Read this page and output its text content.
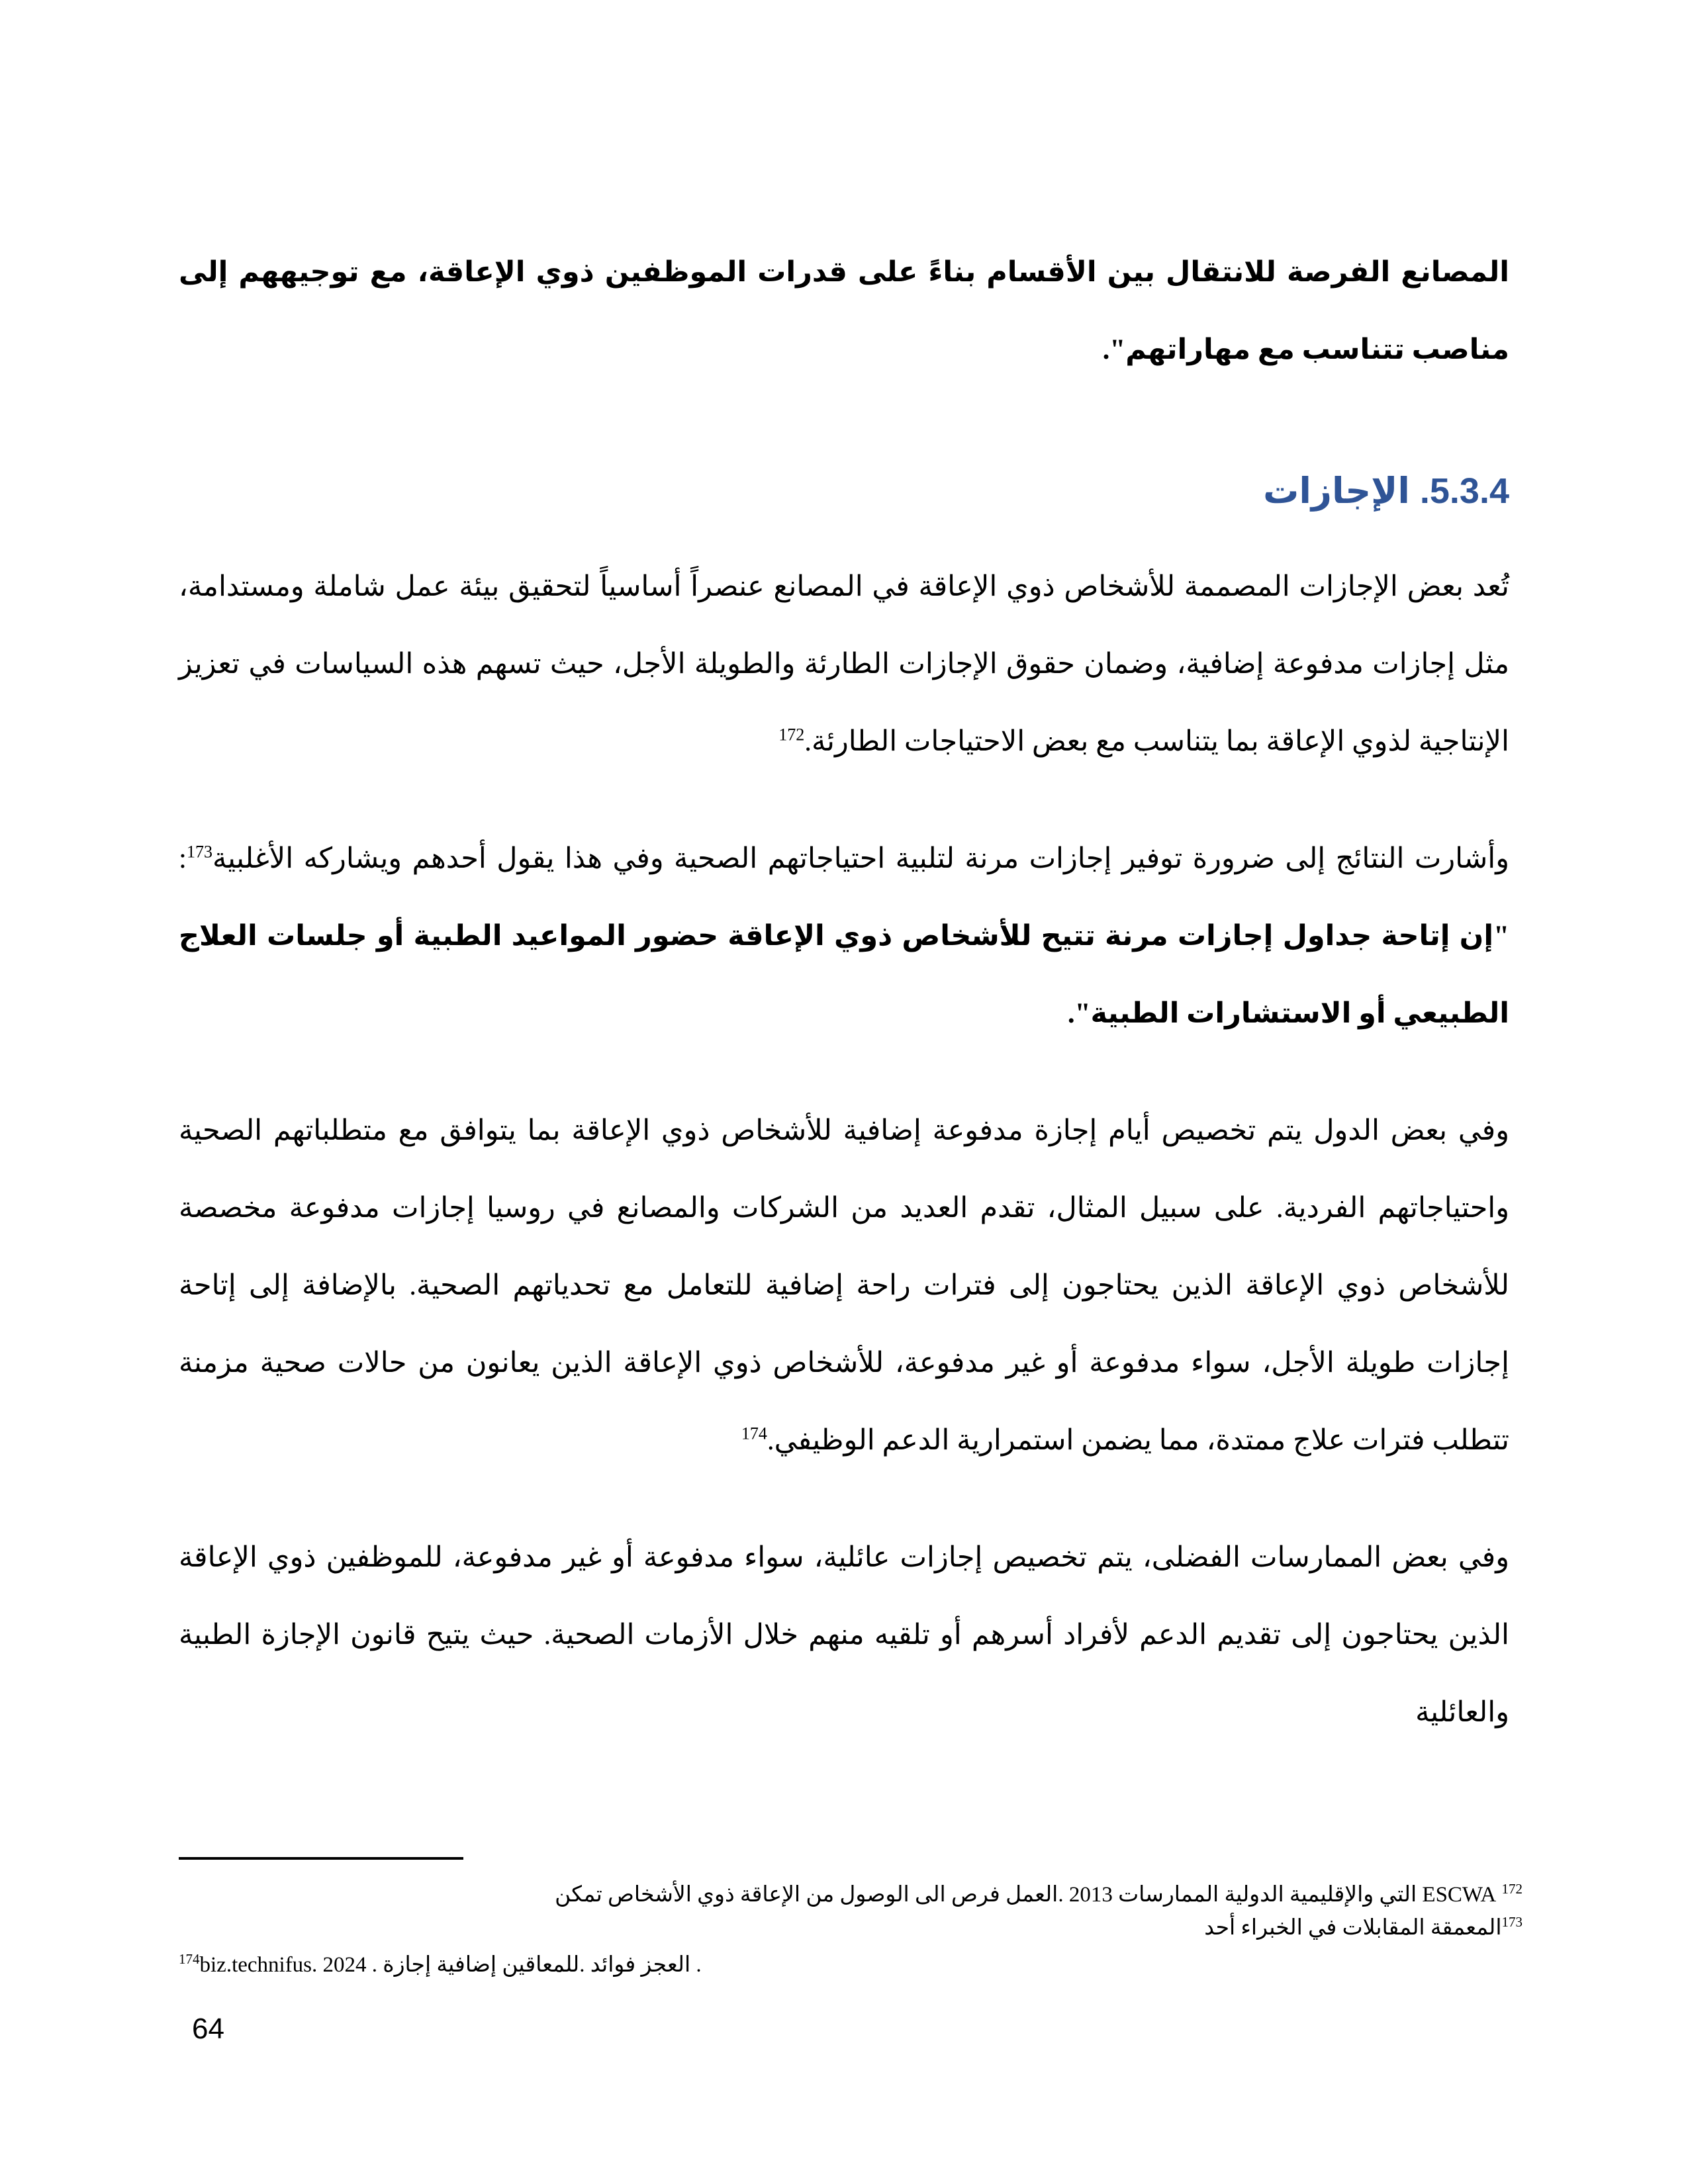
المصانع الفرصة للانتقال بين الأقسام بناءً على قدرات الموظفين ذوي الإعاقة، مع توجيههم إلى مناصب تتناسب مع مهاراتهم".

5.3.4. الإجازات

تُعد بعض الإجازات المصممة للأشخاص ذوي الإعاقة في المصانع عنصراً أساسياً لتحقيق بيئة عمل شاملة ومستدامة، مثل إجازات مدفوعة إضافية، وضمان حقوق الإجازات الطارئة والطويلة الأجل، حيث تسهم هذه السياسات في تعزيز الإنتاجية لذوي الإعاقة بما يتناسب مع بعض الاحتياجات الطارئة.$^{172}$

وأشارت النتائج إلى ضرورة توفير إجازات مرنة لتلبية احتياجاتهم الصحية وفي هذا يقول أحدهم ويشاركه الأغلبية$^{173}$: "إن إتاحة جداول إجازات مرنة تتيح للأشخاص ذوي الإعاقة حضور المواعيد الطبية أو جلسات العلاج الطبيعي أو الاستشارات الطبية".

وفي بعض الدول يتم تخصيص أيام إجازة مدفوعة إضافية للأشخاص ذوي الإعاقة بما يتوافق مع متطلباتهم الصحية واحتياجاتهم الفردية. على سبيل المثال، تقدم العديد من الشركات والمصانع في روسيا إجازات مدفوعة مخصصة للأشخاص ذوي الإعاقة الذين يحتاجون إلى فترات راحة إضافية للتعامل مع تحدياتهم الصحية. بالإضافة إلى إتاحة إجازات طويلة الأجل، سواء مدفوعة أو غير مدفوعة، للأشخاص ذوي الإعاقة الذين يعانون من حالات صحية مزمنة تتطلب فترات علاج ممتدة، مما يضمن استمرارية الدعم الوظيفي.$^{174}$

وفي بعض الممارسات الفضلى، يتم تخصيص إجازات عائلية، سواء مدفوعة أو غير مدفوعة، للموظفين ذوي الإعاقة الذين يحتاجون إلى تقديم الدعم لأفراد أسرهم أو تلقيه منهم خلال الأزمات الصحية. حيث يتيح قانون الإجازة الطبية والعائلية

تمكن الأشخاص ذوي الإعاقة من الوصول الى فرص العمل. 2013 الممارسات الدولية والإقليمية التي ESCWA $^{172}$
أحد الخبراء في المقابلات المعمقة$^{173}$
$^{174}$biz.technifus. 2024 . إجازة إضافية للمعاقين. فوائد العجز .
64
